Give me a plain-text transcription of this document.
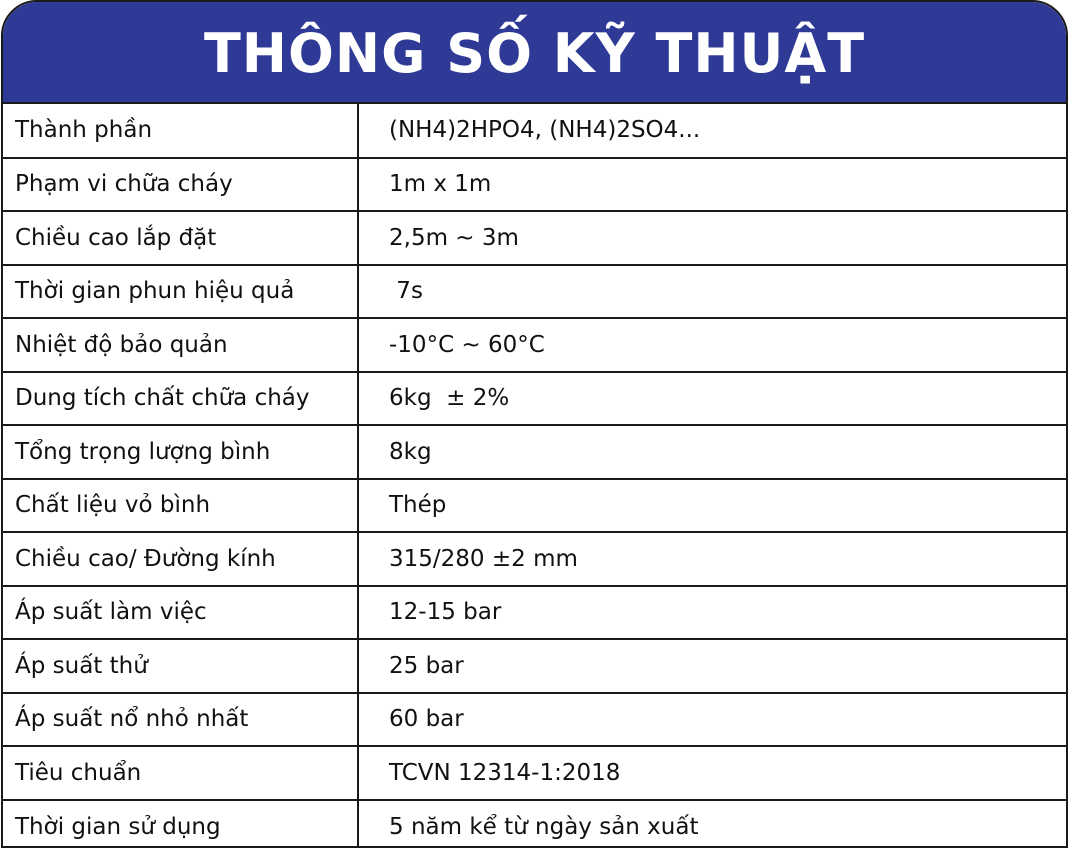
THÔNG SỐ KỸ THUẬT
Thành phần	(NH4)2HPO4, (NH4)2SO4...
Phạm vi chữa cháy	1m x 1m
Chiều cao lắp đặt	2,5m ~ 3m
Thời gian phun hiệu quả	7s
Nhiệt độ bảo quản	-10°C ~ 60°C
Dung tích chất chữa cháy	6kg  ± 2%
Tổng trọng lượng bình	8kg
Chất liệu vỏ bình	Thép
Chiều cao/ Đường kính	315/280 ±2 mm
Áp suất làm việc	12-15 bar
Áp suất thử	25 bar
Áp suất nổ nhỏ nhất	60 bar
Tiêu chuẩn	TCVN 12314-1:2018
Thời gian sử dụng	5 năm kể từ ngày sản xuất
